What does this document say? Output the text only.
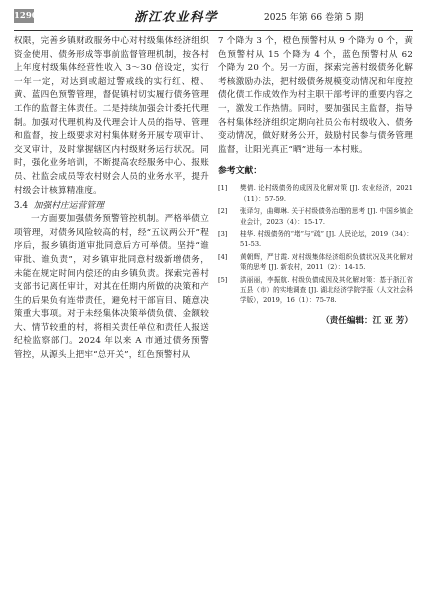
1290	浙江农业科学	2025 年第 66 卷第 5 期

权限，完善乡镇财政服务中心对村级集体经济组织资金使用、债务形成等事前监督管理机制，按各村上年度村级集体经营性收入 3～30 倍设定，实行一年一定，对达到或超过警戒线的实行红、橙、黄、蓝四色预警管理，督促镇村切实履行债务管理工作的监督主体责任。二是持续加强会计委托代理制。加强对代理机构及代理会计人员的指导、管理和监督，按上级要求对村集体财务开展专项审计、交叉审计，及时掌握辖区内村级财务运行状况。同时，强化业务培训，不断提高农经服务中心、报账员、社监会成员等农村财会人员的业务水平，提升村级会计核算精准度。

3.4 加强村庄运营管理

一方面要加强债务预警管控机制。严格举债立项管理，对债务风险较高的村，经“五议两公开”程序后，报乡镇街道审批同意后方可举债。坚持“谁审批、谁负责”，对乡镇审批同意村级新增债务，未能在规定时间内偿还的由乡镇负责。探索完善村支部书记离任审计，对其在任期内所做的决策和产生的后果负有连带责任，避免村干部盲目、随意决策重大事项。对于未经集体决策举债负债、金额较大、情节较重的村，将相关责任单位和责任人报送纪检监察部门。2024 年以来 A 市通过债务预警管控，从源头上把牢“总开关”，红色预警村从

7 个降为 3 个，橙色预警村从 9 个降为 0 个，黄色预警村从 15 个降为 4 个，蓝色预警村从 62 个降为 20 个。另一方面，探索完善村级债务化解考核激励办法，把村级债务规模变动情况和年度控债化债工作成效作为村主职干部考评的重要内容之一，激发工作热情。同时，要加强民主监督，指导各村集体经济组织定期向社员公布村级收入、债务变动情况，做好财务公开，鼓励村民参与债务管理监督，让阳光真正“晒”进每一本村账。

参考文献：
[1]	樊倩. 论村级债务的成因及化解对策 [J]. 农业经济，2021（11）：57-59.
[2]	张译匀，曲卿琳. 关于村级债务治理的思考 [J]. 中国乡镇企业会计，2023（4）：15-17.
[3]	桂华. 村级债务的“堵”与“疏” [J]. 人民论坛，2019（34）：51-53.
[4]	黄朝辉，严甘霞. 对村级集体经济组织负债状况及其化解对策的思考 [J]. 新农村，2011（2）：14-15.
[5]	洪丽丽，李振航. 村级负债成因及其化解对策：基于浙江省五县（市）的实地调查 [J]. 湖北经济学院学报（人文社会科学版），2019，16（1）：75-78.
（责任编辑：江 亚 芳）
